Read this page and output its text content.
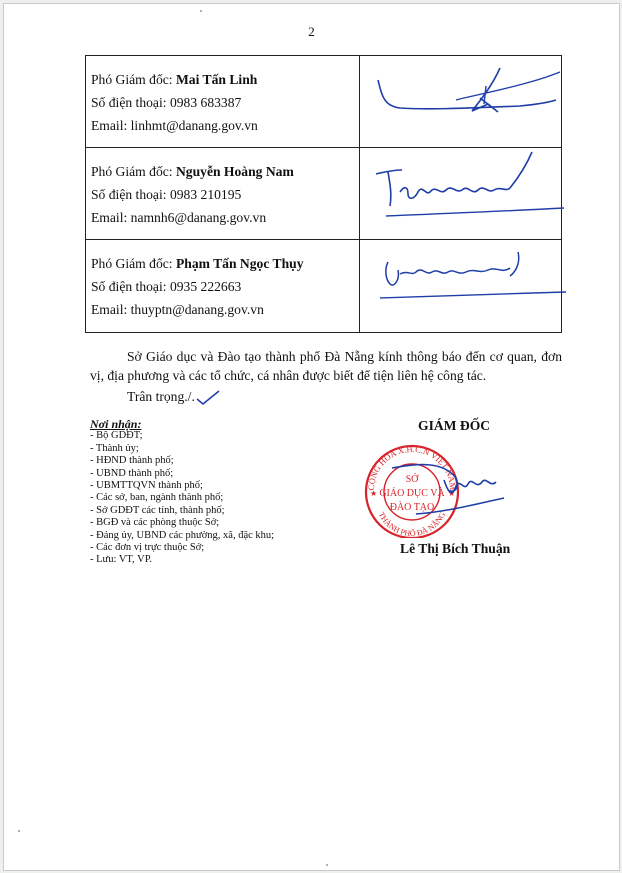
2
Phó Giám đốc: Mai Tấn Linh
Số điện thoại: 0983 683387
Email: linhmt@danang.gov.vn

Phó Giám đốc: Nguyễn Hoàng Nam
Số điện thoại: 0983 210195
Email: namnh6@danang.gov.vn

Phó Giám đốc: Phạm Tấn Ngọc Thụy
Số điện thoại: 0935 222663
Email: thuyptn@danang.gov.vn

Sở Giáo dục và Đào tạo thành phố Đà Nẵng kính thông báo đến cơ quan, đơn vị, địa phương và các tổ chức, cá nhân được biết để tiện liên hệ công tác.
Trân trọng./.
Nơi nhận:
- Bộ GDĐT;
- Thành ủy;
- HĐND thành phố;
- UBND thành phố;
- UBMTTQVN thành phố;
- Các sở, ban, ngành thành phố;
- Sở GDĐT các tỉnh, thành phố;
- BGĐ và các phòng thuộc Sở;
- Đảng ủy, UBND các phường, xã, đặc khu;
- Các đơn vị trực thuộc Sở;
- Lưu: VT, VP.
GIÁM ĐỐC
CỘNG HÒA X.H.C.N VIỆT NAM
THÀNH PHỐ ĐÀ NẴNG
★	★
SỞ
GIÁO DỤC VÀ
ĐÀO TẠO
Lê Thị Bích Thuận
